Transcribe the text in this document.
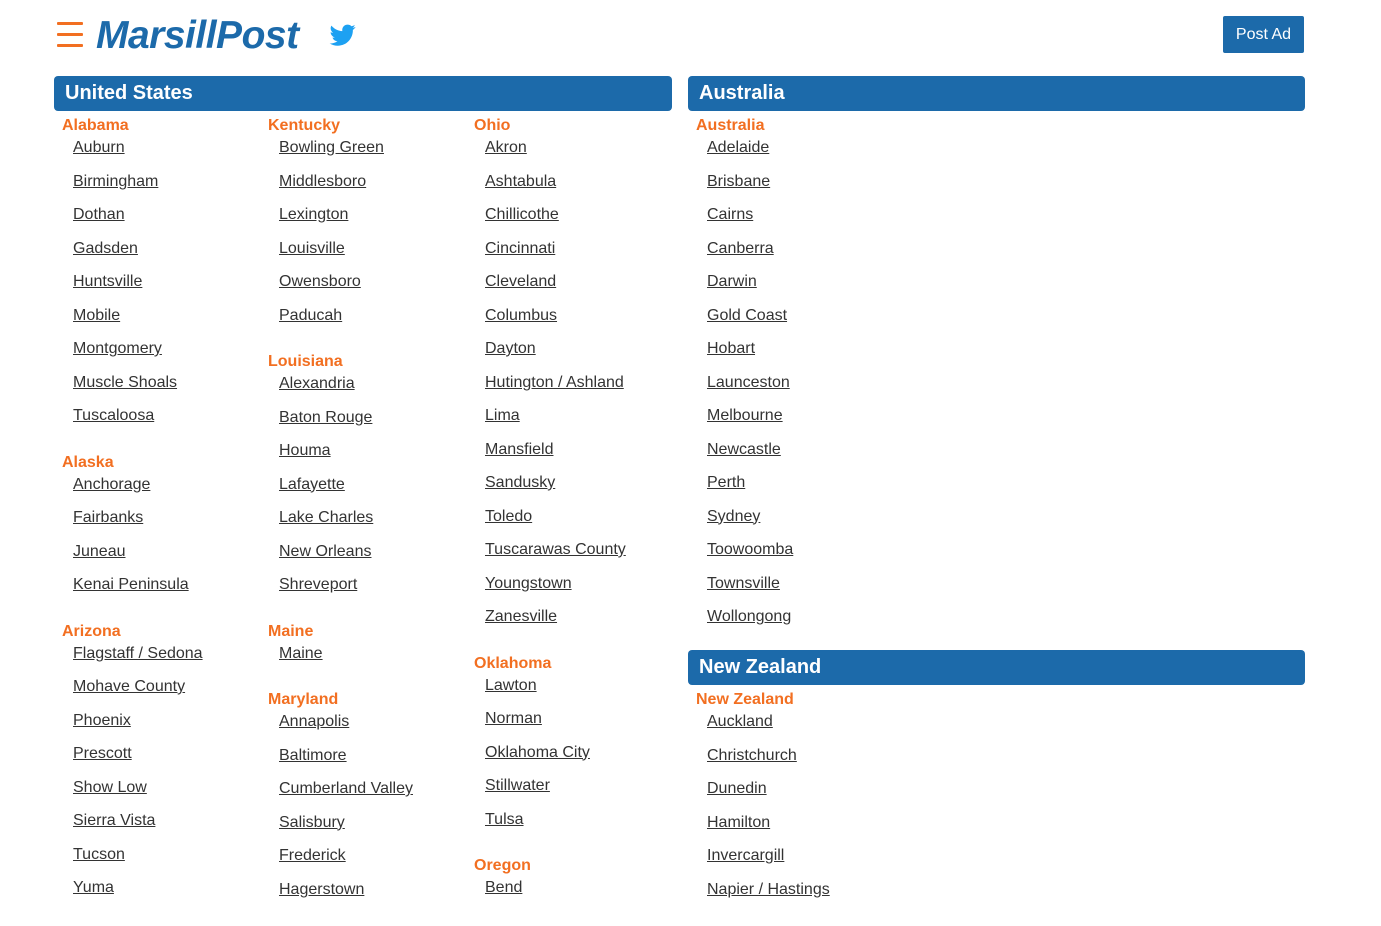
MarsillPost	Post Ad
United States
Alabama
Auburn
Birmingham
Dothan
Gadsden
Huntsville
Mobile
Montgomery
Muscle Shoals
Tuscaloosa
Alaska
Anchorage
Fairbanks
Juneau
Kenai Peninsula
Arizona
Flagstaff / Sedona
Mohave County
Phoenix
Prescott
Show Low
Sierra Vista
Tucson
Yuma
Kentucky
Bowling Green
Middlesboro
Lexington
Louisville
Owensboro
Paducah
Louisiana
Alexandria
Baton Rouge
Houma
Lafayette
Lake Charles
New Orleans
Shreveport
Maine
Maine
Maryland
Annapolis
Baltimore
Cumberland Valley
Salisbury
Frederick
Hagerstown
Ohio
Akron
Ashtabula
Chillicothe
Cincinnati
Cleveland
Columbus
Dayton
Hutington / Ashland
Lima
Mansfield
Sandusky
Toledo
Tuscarawas County
Youngstown
Zanesville
Oklahoma
Lawton
Norman
Oklahoma City
Stillwater
Tulsa
Oregon
Bend
Australia
Australia
Adelaide
Brisbane
Cairns
Canberra
Darwin
Gold Coast
Hobart
Launceston
Melbourne
Newcastle
Perth
Sydney
Toowoomba
Townsville
Wollongong
New Zealand
New Zealand
Auckland
Christchurch
Dunedin
Hamilton
Invercargill
Napier / Hastings
